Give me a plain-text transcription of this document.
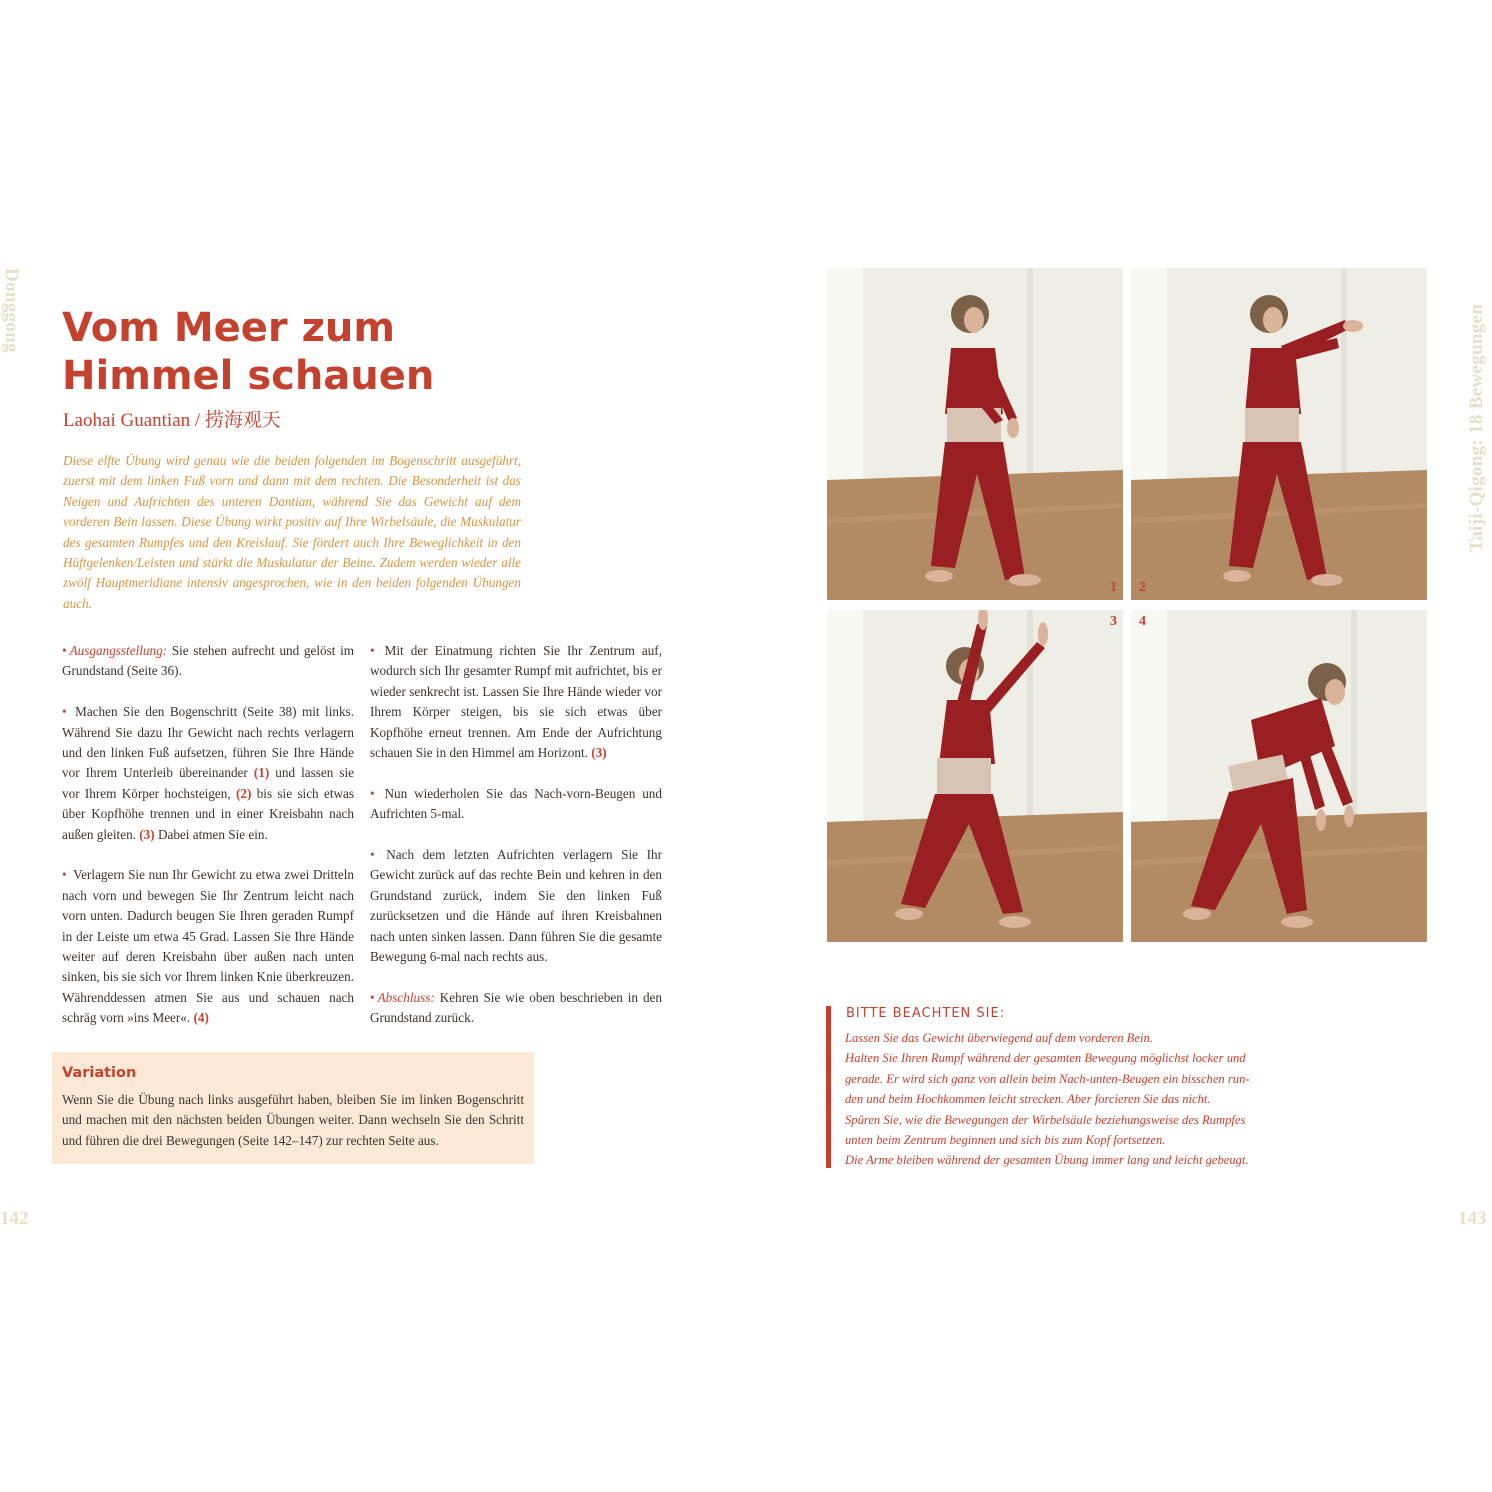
Donggong	Taiji-Qigong: 18 Bewegungen
Vom Meer zum
Himmel schauen
Laohai Guantian / 捞海观天

Diese elfte Übung wird genau wie die beiden folgenden im Bogenschritt ausgeführt, zuerst mit dem linken Fuß vorn und dann mit dem rechten. Die Besonderheit ist das Neigen und Aufrichten des unteren Dantian, während Sie das Gewicht auf dem vorderen Bein lassen. Diese Übung wirkt positiv auf Ihre Wirbelsäule, die Muskulatur des gesamten Rumpfes und den Kreislauf. Sie fördert auch Ihre Beweglichkeit in den Hüftgelenken/Leisten und stärkt die Muskulatur der Beine. Zudem werden wieder alle zwölf Hauptmeridiane intensiv angesprochen, wie in den beiden folgenden Übungen auch.

• Ausgangsstellung: Sie stehen aufrecht und gelöst im Grundstand (Seite 36).

• Machen Sie den Bogenschritt (Seite 38) mit links. Während Sie dazu Ihr Gewicht nach rechts verlagern und den linken Fuß aufsetzen, führen Sie Ihre Hände vor Ihrem Unterleib übereinander (1) und lassen sie vor Ihrem Körper hochsteigen, (2) bis sie sich etwas über Kopfhöhe trennen und in einer Kreisbahn nach außen gleiten. (3) Dabei atmen Sie ein.

• Verlagern Sie nun Ihr Gewicht zu etwa zwei Dritteln nach vorn und bewegen Sie Ihr Zentrum leicht nach vorn unten. Dadurch beugen Sie Ihren geraden Rumpf in der Leiste um etwa 45 Grad. Lassen Sie Ihre Hände weiter auf deren Kreisbahn über außen nach unten sinken, bis sie sich vor Ihrem linken Knie überkreuzen. Währenddessen atmen Sie aus und schauen nach schräg vorn »ins Meer«. (4)

• Mit der Einatmung richten Sie Ihr Zentrum auf, wodurch sich Ihr gesamter Rumpf mit aufrichtet, bis er wieder senkrecht ist. Lassen Sie Ihre Hände wieder vor Ihrem Körper steigen, bis sie sich etwas über Kopfhöhe erneut trennen. Am Ende der Aufrichtung schauen Sie in den Himmel am Horizont. (3)

• Nun wiederholen Sie das Nach-vorn-Beugen und Aufrichten 5-mal.

• Nach dem letzten Aufrichten verlagern Sie Ihr Gewicht zurück auf das rechte Bein und kehren in den Grundstand zurück, indem Sie den linken Fuß zurücksetzen und die Hände auf ihren Kreisbahnen nach unten sinken lassen. Dann führen Sie die gesamte Bewegung 6-mal nach rechts aus.

• Abschluss: Kehren Sie wie oben beschrieben in den Grundstand zurück.

Variation

Wenn Sie die Übung nach links ausgeführt haben, bleiben Sie im linken Bogenschritt und machen mit den nächsten beiden Übungen weiter. Dann wechseln Sie den Schritt und führen die drei Bewegungen (Seite 142–147) zur rechten Seite aus.

1 2
3 4
BITTE BEACHTEN SIE:
Lassen Sie das Gewicht überwiegend auf dem vorderen Bein.
Halten Sie Ihren Rumpf während der gesamten Bewegung möglichst locker und
gerade. Er wird sich ganz von allein beim Nach-unten-Beugen ein bisschen run-
den und beim Hochkommen leicht strecken. Aber forcieren Sie das nicht.
Spüren Sie, wie die Bewegungen der Wirbelsäule beziehungsweise des Rumpfes
unten beim Zentrum beginnen und sich bis zum Kopf fortsetzen.
Die Arme bleiben während der gesamten Übung immer lang und leicht gebeugt.
142	143
